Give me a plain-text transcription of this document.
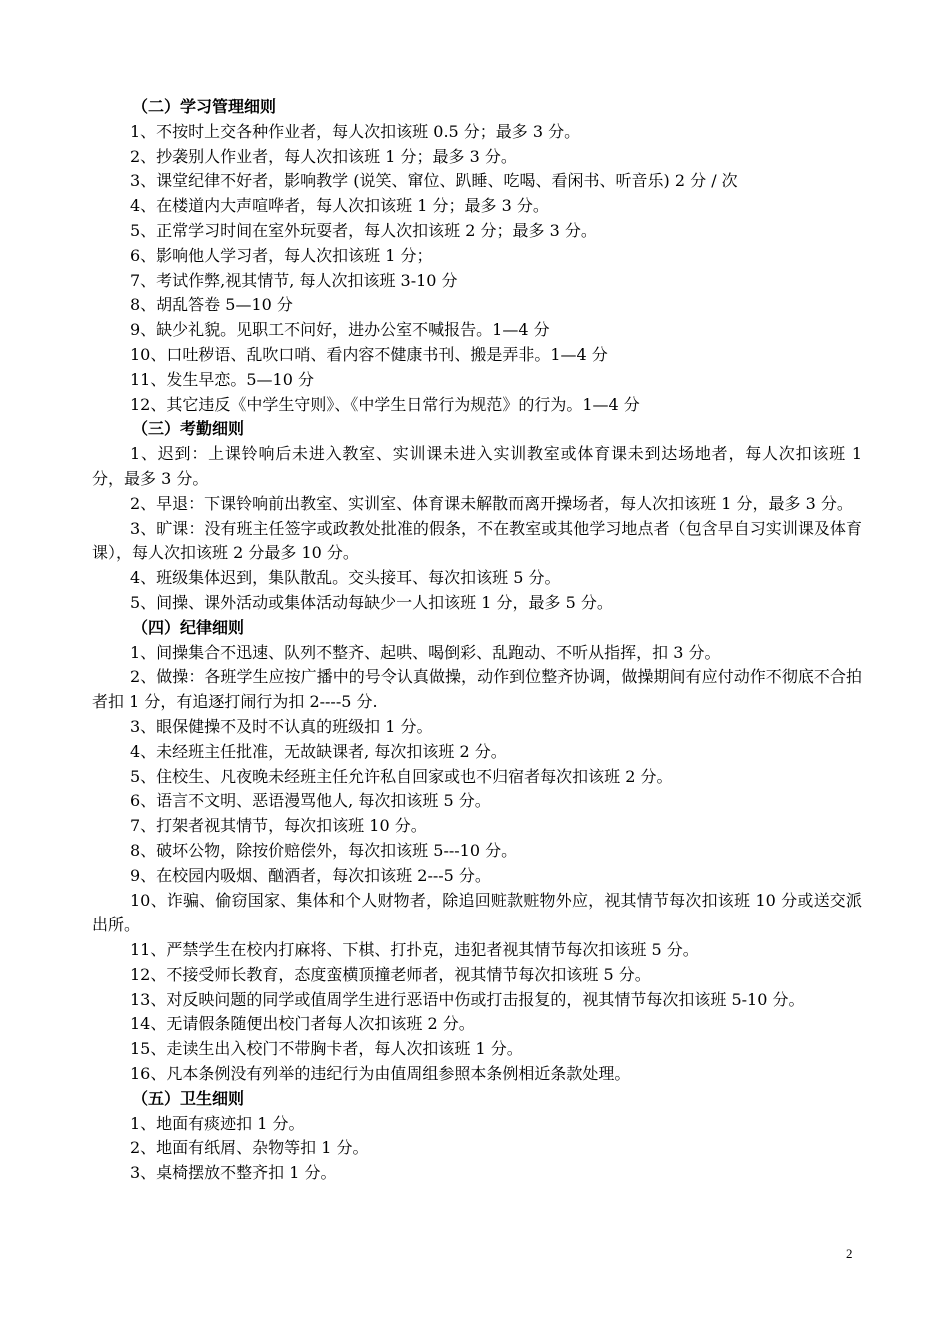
（二）学习管理细则
1、不按时上交各种作业者，每人次扣该班 0.5 分；最多 3 分。
2、抄袭别人作业者，每人次扣该班 1 分；最多 3 分。
3、课堂纪律不好者，影响教学 (说笑、窜位、趴睡、吃喝、看闲书、听音乐) 2 分 / 次
4、在楼道内大声喧哗者，每人次扣该班 1 分；最多 3 分。
5、正常学习时间在室外玩耍者，每人次扣该班 2 分；最多 3 分。
6、影响他人学习者，每人次扣该班 1 分；
7、考试作弊,视其情节, 每人次扣该班 3-10 分
8、胡乱答卷 5—10 分
9、缺少礼貌。见职工不问好，进办公室不喊报告。1—4 分
10、口吐秽语、乱吹口哨、看内容不健康书刊、搬是弄非。1—4 分
11、发生早恋。5—10 分
12、其它违反《中学生守则》、《中学生日常行为规范》的行为。1—4 分
（三）考勤细则
1、迟到：上课铃响后未进入教室、实训课未进入实训教室或体育课未到达场地者，每人次扣该班 1 分，最多 3 分。
2、早退：下课铃响前出教室、实训室、体育课未解散而离开操场者，每人次扣该班 1 分，最多 3 分。
3、旷课：没有班主任签字或政教处批准的假条，不在教室或其他学习地点者（包含早自习实训课及体育课），每人次扣该班 2 分最多 10 分。
4、班级集体迟到，集队散乱。交头接耳、每次扣该班 5 分。
5、间操、课外活动或集体活动每缺少一人扣该班 1 分，最多 5 分。
（四）纪律细则
1、间操集合不迅速、队列不整齐、起哄、喝倒彩、乱跑动、不听从指挥，扣 3 分。
2、做操：各班学生应按广播中的号令认真做操，动作到位整齐协调，做操期间有应付动作不彻底不合拍者扣 1 分，有追逐打闹行为扣 2----5 分.
3、眼保健操不及时不认真的班级扣 1 分。
4、未经班主任批准，无故缺课者, 每次扣该班 2 分。
5、住校生、凡夜晚未经班主任允许私自回家或也不归宿者每次扣该班 2 分。
6、语言不文明、恶语漫骂他人, 每次扣该班 5 分。
7、打架者视其情节，每次扣该班 10 分。
8、破坏公物，除按价赔偿外，每次扣该班 5---10 分。
9、在校园内吸烟、酗酒者，每次扣该班 2---5 分。
10、诈骗、偷窃国家、集体和个人财物者，除追回赃款赃物外应，视其情节每次扣该班 10 分或送交派出所。
11、严禁学生在校内打麻将、下棋、打扑克，违犯者视其情节每次扣该班 5 分。
12、不接受师长教育，态度蛮横顶撞老师者，视其情节每次扣该班 5 分。
13、对反映问题的同学或值周学生进行恶语中伤或打击报复的，视其情节每次扣该班 5-10 分。
14、无请假条随便出校门者每人次扣该班 2 分。
15、走读生出入校门不带胸卡者，每人次扣该班 1 分。
16、凡本条例没有列举的违纪行为由值周组参照本条例相近条款处理。
（五）卫生细则
1、地面有痰迹扣 1 分。
2、地面有纸屑、杂物等扣 1 分。
3、桌椅摆放不整齐扣 1 分。
2
